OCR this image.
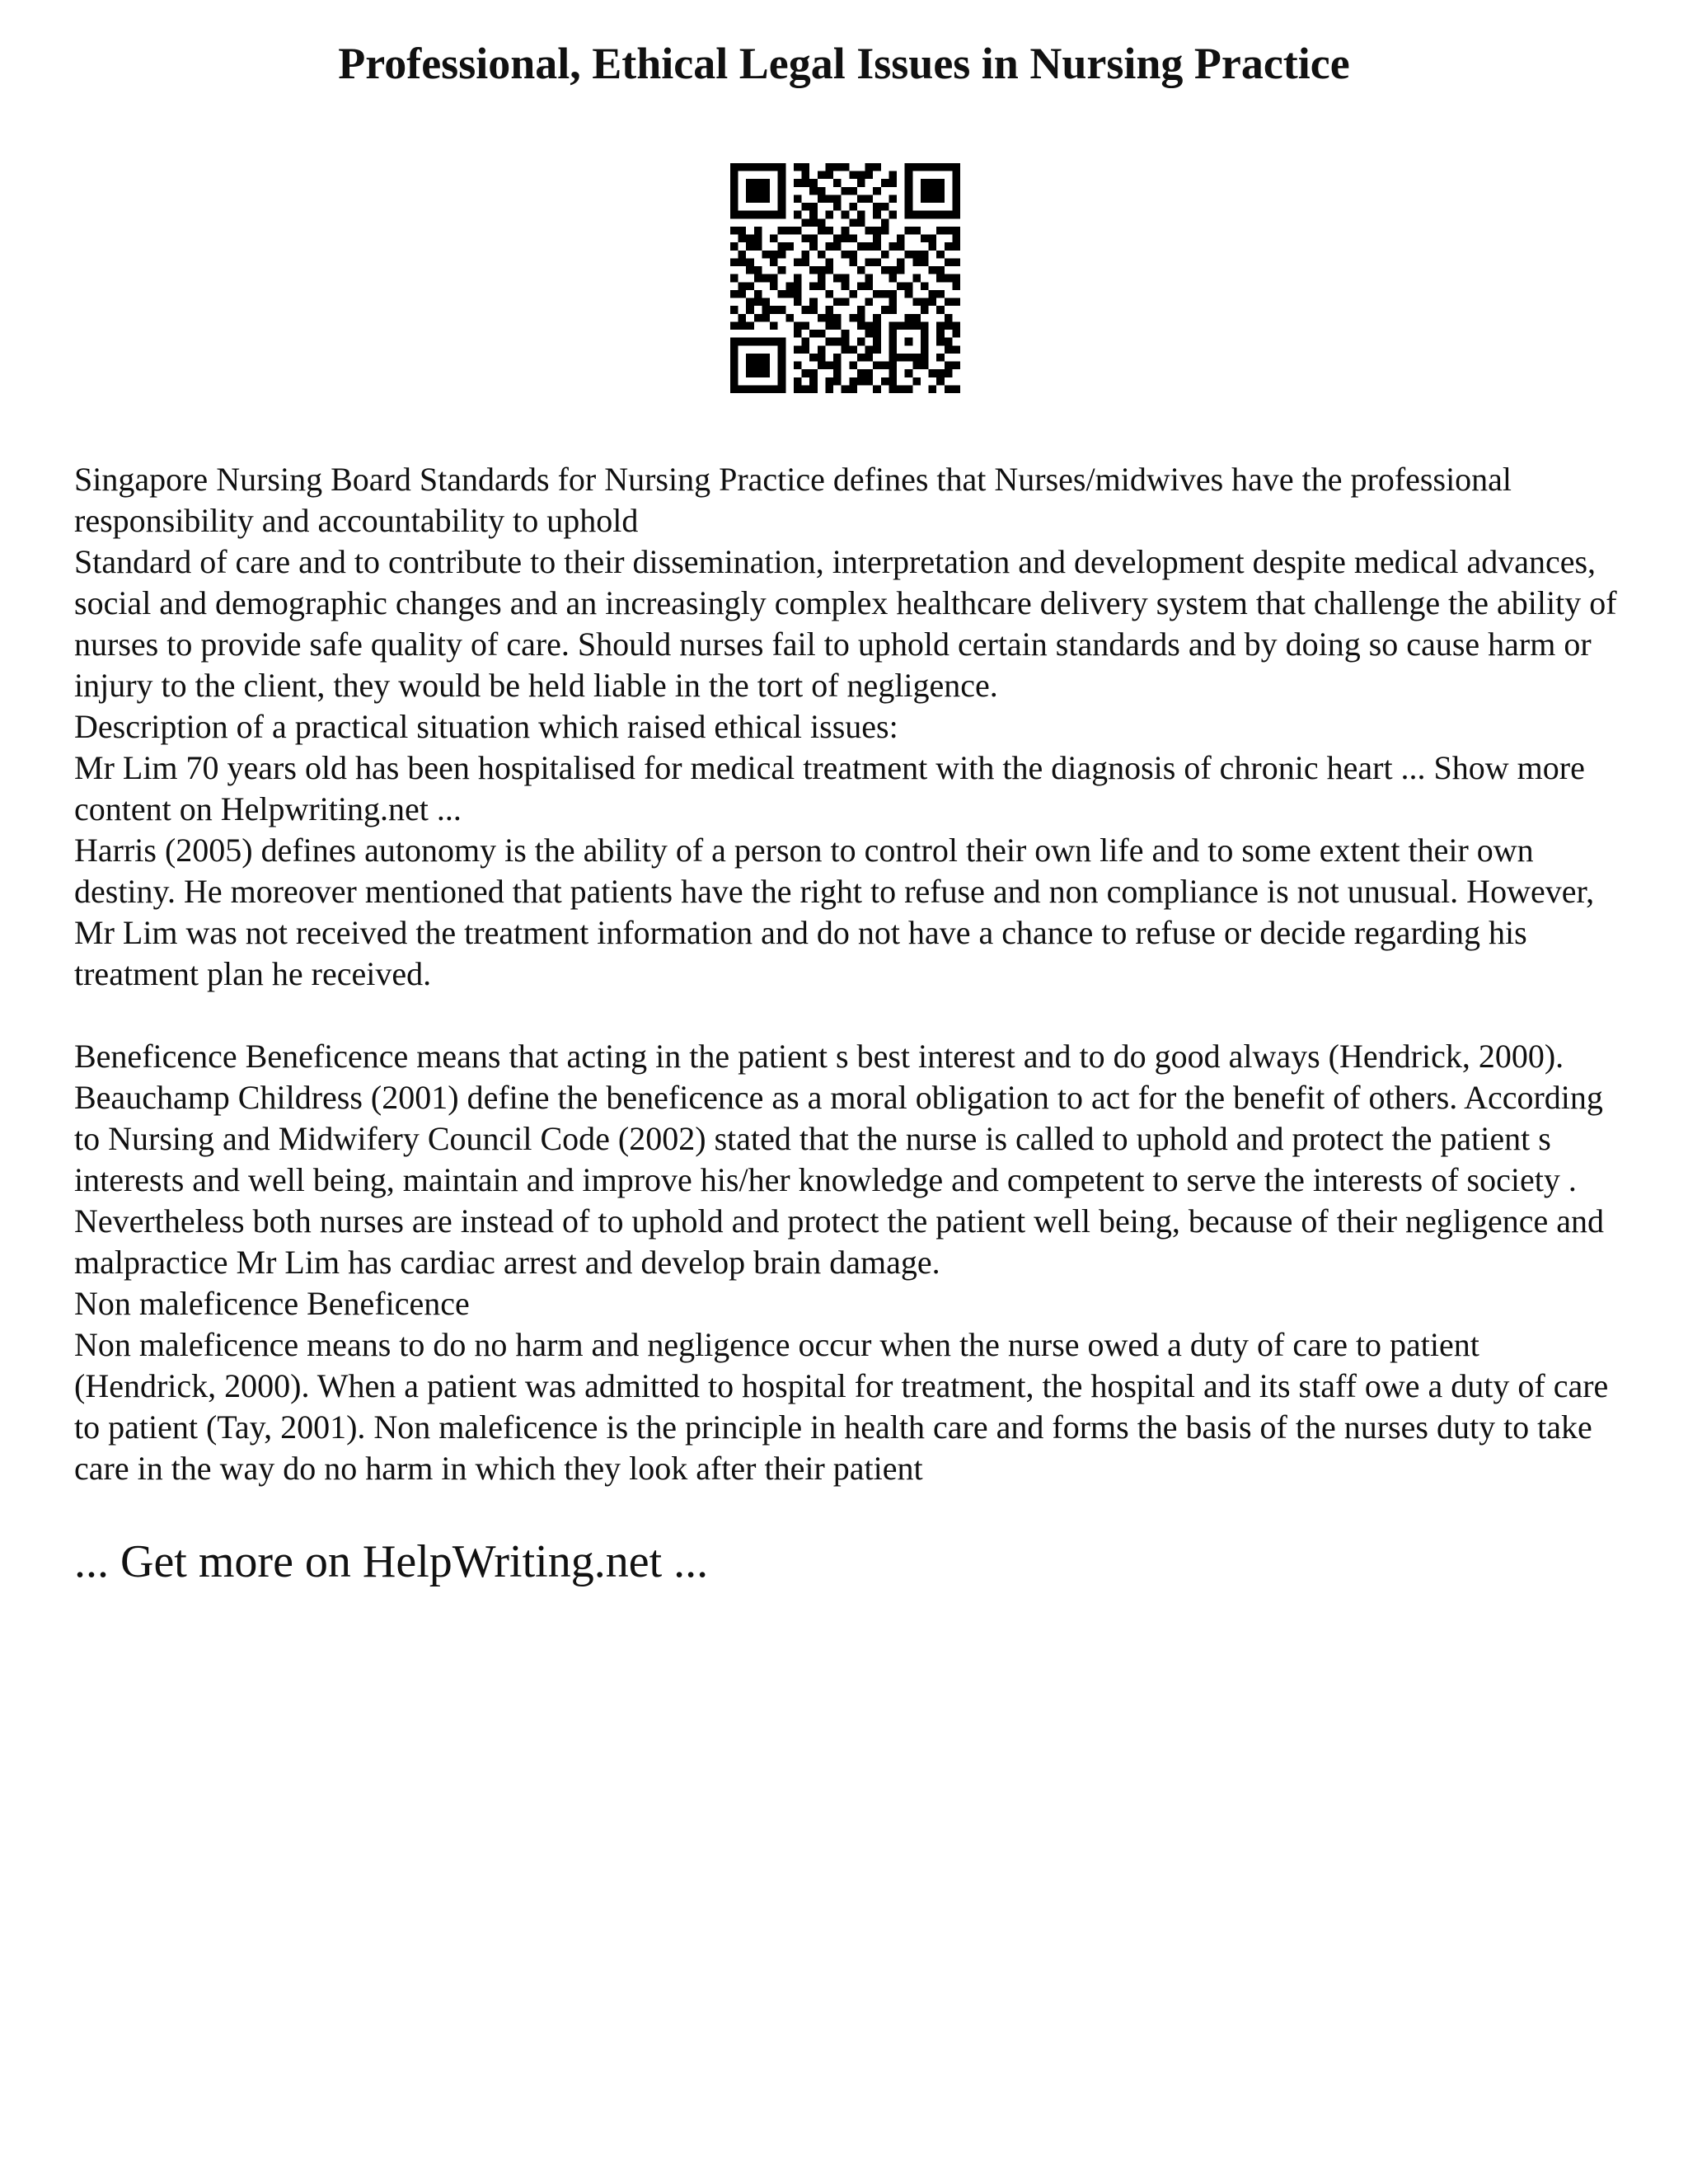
Professional, Ethical Legal Issues in Nursing Practice

Singapore Nursing Board Standards for Nursing Practice defines that Nurses/midwives have the professional responsibility and accountability to uphold

Standard of care and to contribute to their dissemination, interpretation and development despite medical advances, social and demographic changes and an increasingly complex healthcare delivery system that challenge the ability of nurses to provide safe quality of care. Should nurses fail to uphold certain standards and by doing so cause harm or injury to the client, they would be held liable in the tort of negligence.

Description of a practical situation which raised ethical issues:

Mr Lim 70 years old has been hospitalised for medical treatment with the diagnosis of chronic heart ... Show more content on Helpwriting.net ...

Harris (2005) defines autonomy is the ability of a person to control their own life and to some extent their own destiny. He moreover mentioned that patients have the right to refuse and non compliance is not unusual. However, Mr Lim was not received the treatment information and do not have a chance to refuse or decide regarding his treatment plan he received.

Beneficence Beneficence means that acting in the patient s best interest and to do good always (Hendrick, 2000). Beauchamp Childress (2001) define the beneficence as a moral obligation to act for the benefit of others. According to Nursing and Midwifery Council Code (2002) stated that the nurse is called to uphold and protect the patient s interests and well being, maintain and improve his/her knowledge and competent to serve the interests of society . Nevertheless both nurses are instead of to uphold and protect the patient well being, because of their negligence and malpractice Mr Lim has cardiac arrest and develop brain damage.

Non maleficence Beneficence

Non maleficence means to do no harm and negligence occur when the nurse owed a duty of care to patient (Hendrick, 2000). When a patient was admitted to hospital for treatment, the hospital and its staff owe a duty of care to patient (Tay, 2001). Non maleficence is the principle in health care and forms the basis of the nurses duty to take care in the way do no harm in which they look after their patient

... Get more on HelpWriting.net ...
